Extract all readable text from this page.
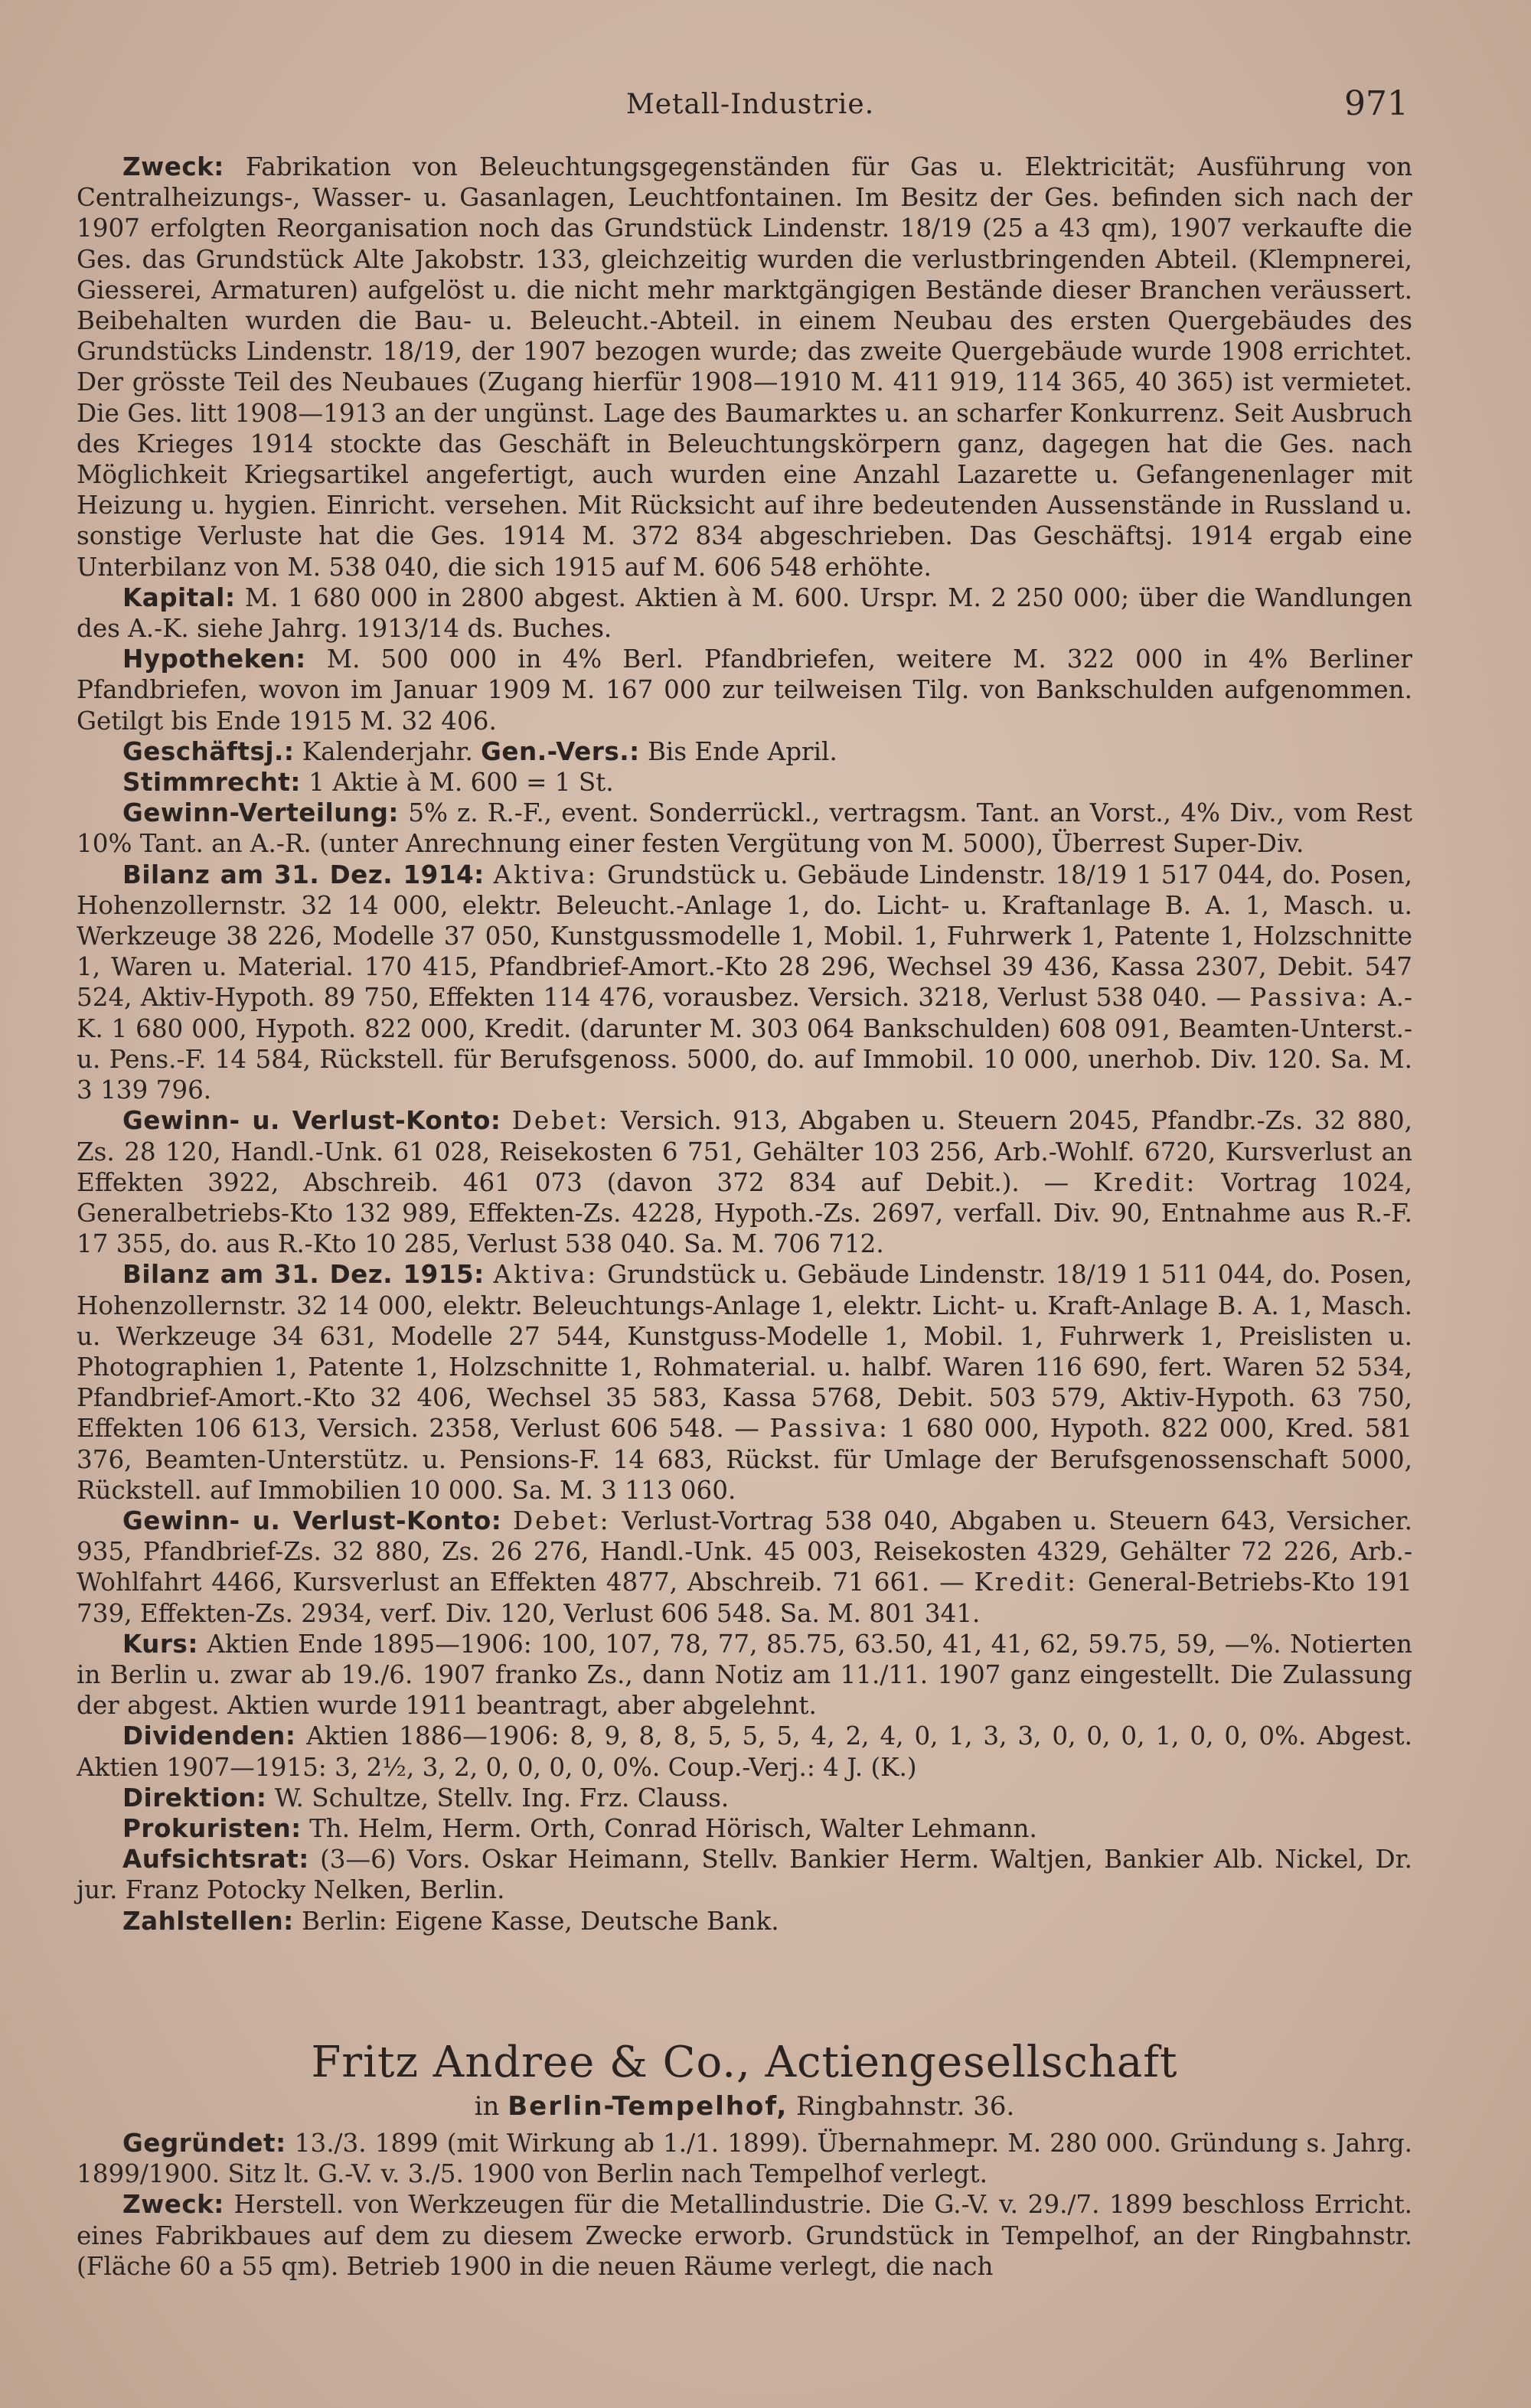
Metall-Industrie.	971

Zweck: Fabrikation von Beleuchtungsgegenständen für Gas u. Elektricität; Ausführung von Centralheizungs-, Wasser- u. Gasanlagen, Leuchtfontainen. Im Besitz der Ges. befinden sich nach der 1907 erfolgten Reorganisation noch das Grundstück Lindenstr. 18/19 (25 a 43 qm), 1907 verkaufte die Ges. das Grundstück Alte Jakobstr. 133, gleichzeitig wurden die verlustbringenden Abteil. (Klempnerei, Giesserei, Armaturen) aufgelöst u. die nicht mehr marktgängigen Bestände dieser Branchen veräussert. Beibehalten wurden die Bau- u. Beleucht.-Abteil. in einem Neubau des ersten Quergebäudes des Grundstücks Lindenstr. 18/19, der 1907 bezogen wurde; das zweite Quergebäude wurde 1908 errichtet. Der grösste Teil des Neubaues (Zugang hierfür 1908—1910 M. 411 919, 114 365, 40 365) ist vermietet. Die Ges. litt 1908—1913 an der ungünst. Lage des Baumarktes u. an scharfer Konkurrenz. Seit Ausbruch des Krieges 1914 stockte das Geschäft in Beleuchtungskörpern ganz, dagegen hat die Ges. nach Möglichkeit Kriegsartikel angefertigt, auch wurden eine Anzahl Lazarette u. Gefangenenlager mit Heizung u. hygien. Einricht. versehen. Mit Rücksicht auf ihre bedeutenden Aussenstände in Russland u. sonstige Verluste hat die Ges. 1914 M. 372 834 abgeschrieben. Das Geschäftsj. 1914 ergab eine Unterbilanz von M. 538 040, die sich 1915 auf M. 606 548 erhöhte.

Kapital: M. 1 680 000 in 2800 abgest. Aktien à M. 600. Urspr. M. 2 250 000; über die Wandlungen des A.-K. siehe Jahrg. 1913/14 ds. Buches.

Hypotheken: M. 500 000 in 4% Berl. Pfandbriefen, weitere M. 322 000 in 4% Berliner Pfandbriefen, wovon im Januar 1909 M. 167 000 zur teilweisen Tilg. von Bankschulden aufgenommen. Getilgt bis Ende 1915 M. 32 406.

Geschäftsj.: Kalenderjahr. Gen.-Vers.: Bis Ende April.

Stimmrecht: 1 Aktie à M. 600 = 1 St.

Gewinn-Verteilung: 5% z. R.-F., event. Sonderrückl., vertragsm. Tant. an Vorst., 4% Div., vom Rest 10% Tant. an A.-R. (unter Anrechnung einer festen Vergütung von M. 5000), Überrest Super-Div.

Bilanz am 31. Dez. 1914: Aktiva: Grundstück u. Gebäude Lindenstr. 18/19 1 517 044, do. Posen, Hohenzollernstr. 32 14 000, elektr. Beleucht.-Anlage 1, do. Licht- u. Kraftanlage B. A. 1, Masch. u. Werkzeuge 38 226, Modelle 37 050, Kunstgussmodelle 1, Mobil. 1, Fuhrwerk 1, Patente 1, Holzschnitte 1, Waren u. Material. 170 415, Pfandbrief-Amort.-Kto 28 296, Wechsel 39 436, Kassa 2307, Debit. 547 524, Aktiv-Hypoth. 89 750, Effekten 114 476, vorausbez. Versich. 3218, Verlust 538 040. — Passiva: A.-K. 1 680 000, Hypoth. 822 000, Kredit. (darunter M. 303 064 Bankschulden) 608 091, Beamten-Unterst.- u. Pens.-F. 14 584, Rückstell. für Berufsgenoss. 5000, do. auf Immobil. 10 000, unerhob. Div. 120. Sa. M. 3 139 796.

Gewinn- u. Verlust-Konto: Debet: Versich. 913, Abgaben u. Steuern 2045, Pfandbr.-Zs. 32 880, Zs. 28 120, Handl.-Unk. 61 028, Reisekosten 6 751, Gehälter 103 256, Arb.-Wohlf. 6720, Kursverlust an Effekten 3922, Abschreib. 461 073 (davon 372 834 auf Debit.). — Kredit: Vortrag 1024, Generalbetriebs-Kto 132 989, Effekten-Zs. 4228, Hypoth.-Zs. 2697, verfall. Div. 90, Entnahme aus R.-F. 17 355, do. aus R.-Kto 10 285, Verlust 538 040. Sa. M. 706 712.

Bilanz am 31. Dez. 1915: Aktiva: Grundstück u. Gebäude Lindenstr. 18/19 1 511 044, do. Posen, Hohenzollernstr. 32 14 000, elektr. Beleuchtungs-Anlage 1, elektr. Licht- u. Kraft-Anlage B. A. 1, Masch. u. Werkzeuge 34 631, Modelle 27 544, Kunstguss-Modelle 1, Mobil. 1, Fuhrwerk 1, Preislisten u. Photographien 1, Patente 1, Holzschnitte 1, Rohmaterial. u. halbf. Waren 116 690, fert. Waren 52 534, Pfandbrief-Amort.-Kto 32 406, Wechsel 35 583, Kassa 5768, Debit. 503 579, Aktiv-Hypoth. 63 750, Effekten 106 613, Versich. 2358, Verlust 606 548. — Passiva: 1 680 000, Hypoth. 822 000, Kred. 581 376, Beamten-Unterstütz. u. Pensions-F. 14 683, Rückst. für Umlage der Berufsgenossenschaft 5000, Rückstell. auf Immobilien 10 000. Sa. M. 3 113 060.

Gewinn- u. Verlust-Konto: Debet: Verlust-Vortrag 538 040, Abgaben u. Steuern 643, Versicher. 935, Pfandbrief-Zs. 32 880, Zs. 26 276, Handl.-Unk. 45 003, Reisekosten 4329, Gehälter 72 226, Arb.-Wohlfahrt 4466, Kursverlust an Effekten 4877, Abschreib. 71 661. — Kredit: General-Betriebs-Kto 191 739, Effekten-Zs. 2934, verf. Div. 120, Verlust 606 548. Sa. M. 801 341.

Kurs: Aktien Ende 1895—1906: 100, 107, 78, 77, 85.75, 63.50, 41, 41, 62, 59.75, 59, —%. Notierten in Berlin u. zwar ab 19./6. 1907 franko Zs., dann Notiz am 11./11. 1907 ganz eingestellt. Die Zulassung der abgest. Aktien wurde 1911 beantragt, aber abgelehnt.

Dividenden: Aktien 1886—1906: 8, 9, 8, 8, 5, 5, 5, 4, 2, 4, 0, 1, 3, 3, 0, 0, 0, 1, 0, 0, 0%. Abgest. Aktien 1907—1915: 3, 2½, 3, 2, 0, 0, 0, 0, 0%. Coup.-Verj.: 4 J. (K.)

Direktion: W. Schultze, Stellv. Ing. Frz. Clauss.

Prokuristen: Th. Helm, Herm. Orth, Conrad Hörisch, Walter Lehmann.

Aufsichtsrat: (3—6) Vors. Oskar Heimann, Stellv. Bankier Herm. Waltjen, Bankier Alb. Nickel, Dr. jur. Franz Potocky Nelken, Berlin.

Zahlstellen: Berlin: Eigene Kasse, Deutsche Bank.

Fritz Andree & Co., Actiengesellschaft
in Berlin-Tempelhof, Ringbahnstr. 36.

Gegründet: 13./3. 1899 (mit Wirkung ab 1./1. 1899). Übernahmepr. M. 280 000. Gründung s. Jahrg. 1899/1900. Sitz lt. G.-V. v. 3./5. 1900 von Berlin nach Tempelhof verlegt.

Zweck: Herstell. von Werkzeugen für die Metallindustrie. Die G.-V. v. 29./7. 1899 beschloss Erricht. eines Fabrikbaues auf dem zu diesem Zwecke erworb. Grundstück in Tempelhof, an der Ringbahnstr. (Fläche 60 a 55 qm). Betrieb 1900 in die neuen Räume verlegt, die nach
